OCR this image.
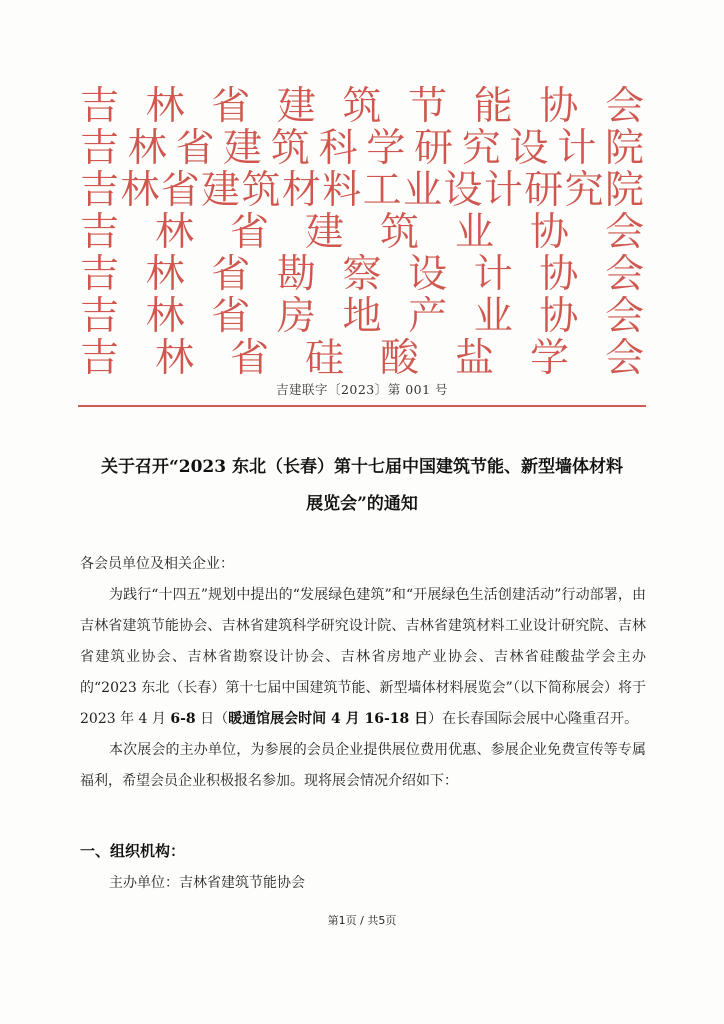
吉林省建筑节能协会
吉林省建筑科学研究设计院
吉林省建筑材料工业设计研究院
吉林省建筑业协会
吉林省勘察设计协会
吉林省房地产业协会
吉林省硅酸盐学会
吉建联字〔2023〕第 001 号
关于召开“2023 东北（长春）第十七届中国建筑节能、新型墙体材料
展览会”的通知

各会员单位及相关企业：

为践行“十四五”规划中提出的“发展绿色建筑”和“开展绿色生活创建活动”行动部署，由吉林省建筑节能协会、吉林省建筑科学研究设计院、吉林省建筑材料工业设计研究院、吉林省建筑业协会、吉林省勘察设计协会、吉林省房地产业协会、吉林省硅酸盐学会主办的“2023 东北（长春）第十七届中国建筑节能、新型墙体材料展览会”（以下简称展会）将于 2023 年 4 月 6-8 日（暖通馆展会时间 4 月 16-18 日）在长春国际会展中心隆重召开。

本次展会的主办单位，为参展的会员企业提供展位费用优惠、参展企业免费宣传等专属福利，希望会员企业积极报名参加。现将展会情况介绍如下：

一、组织机构：
主办单位：吉林省建筑节能协会
第1页 / 共5页
